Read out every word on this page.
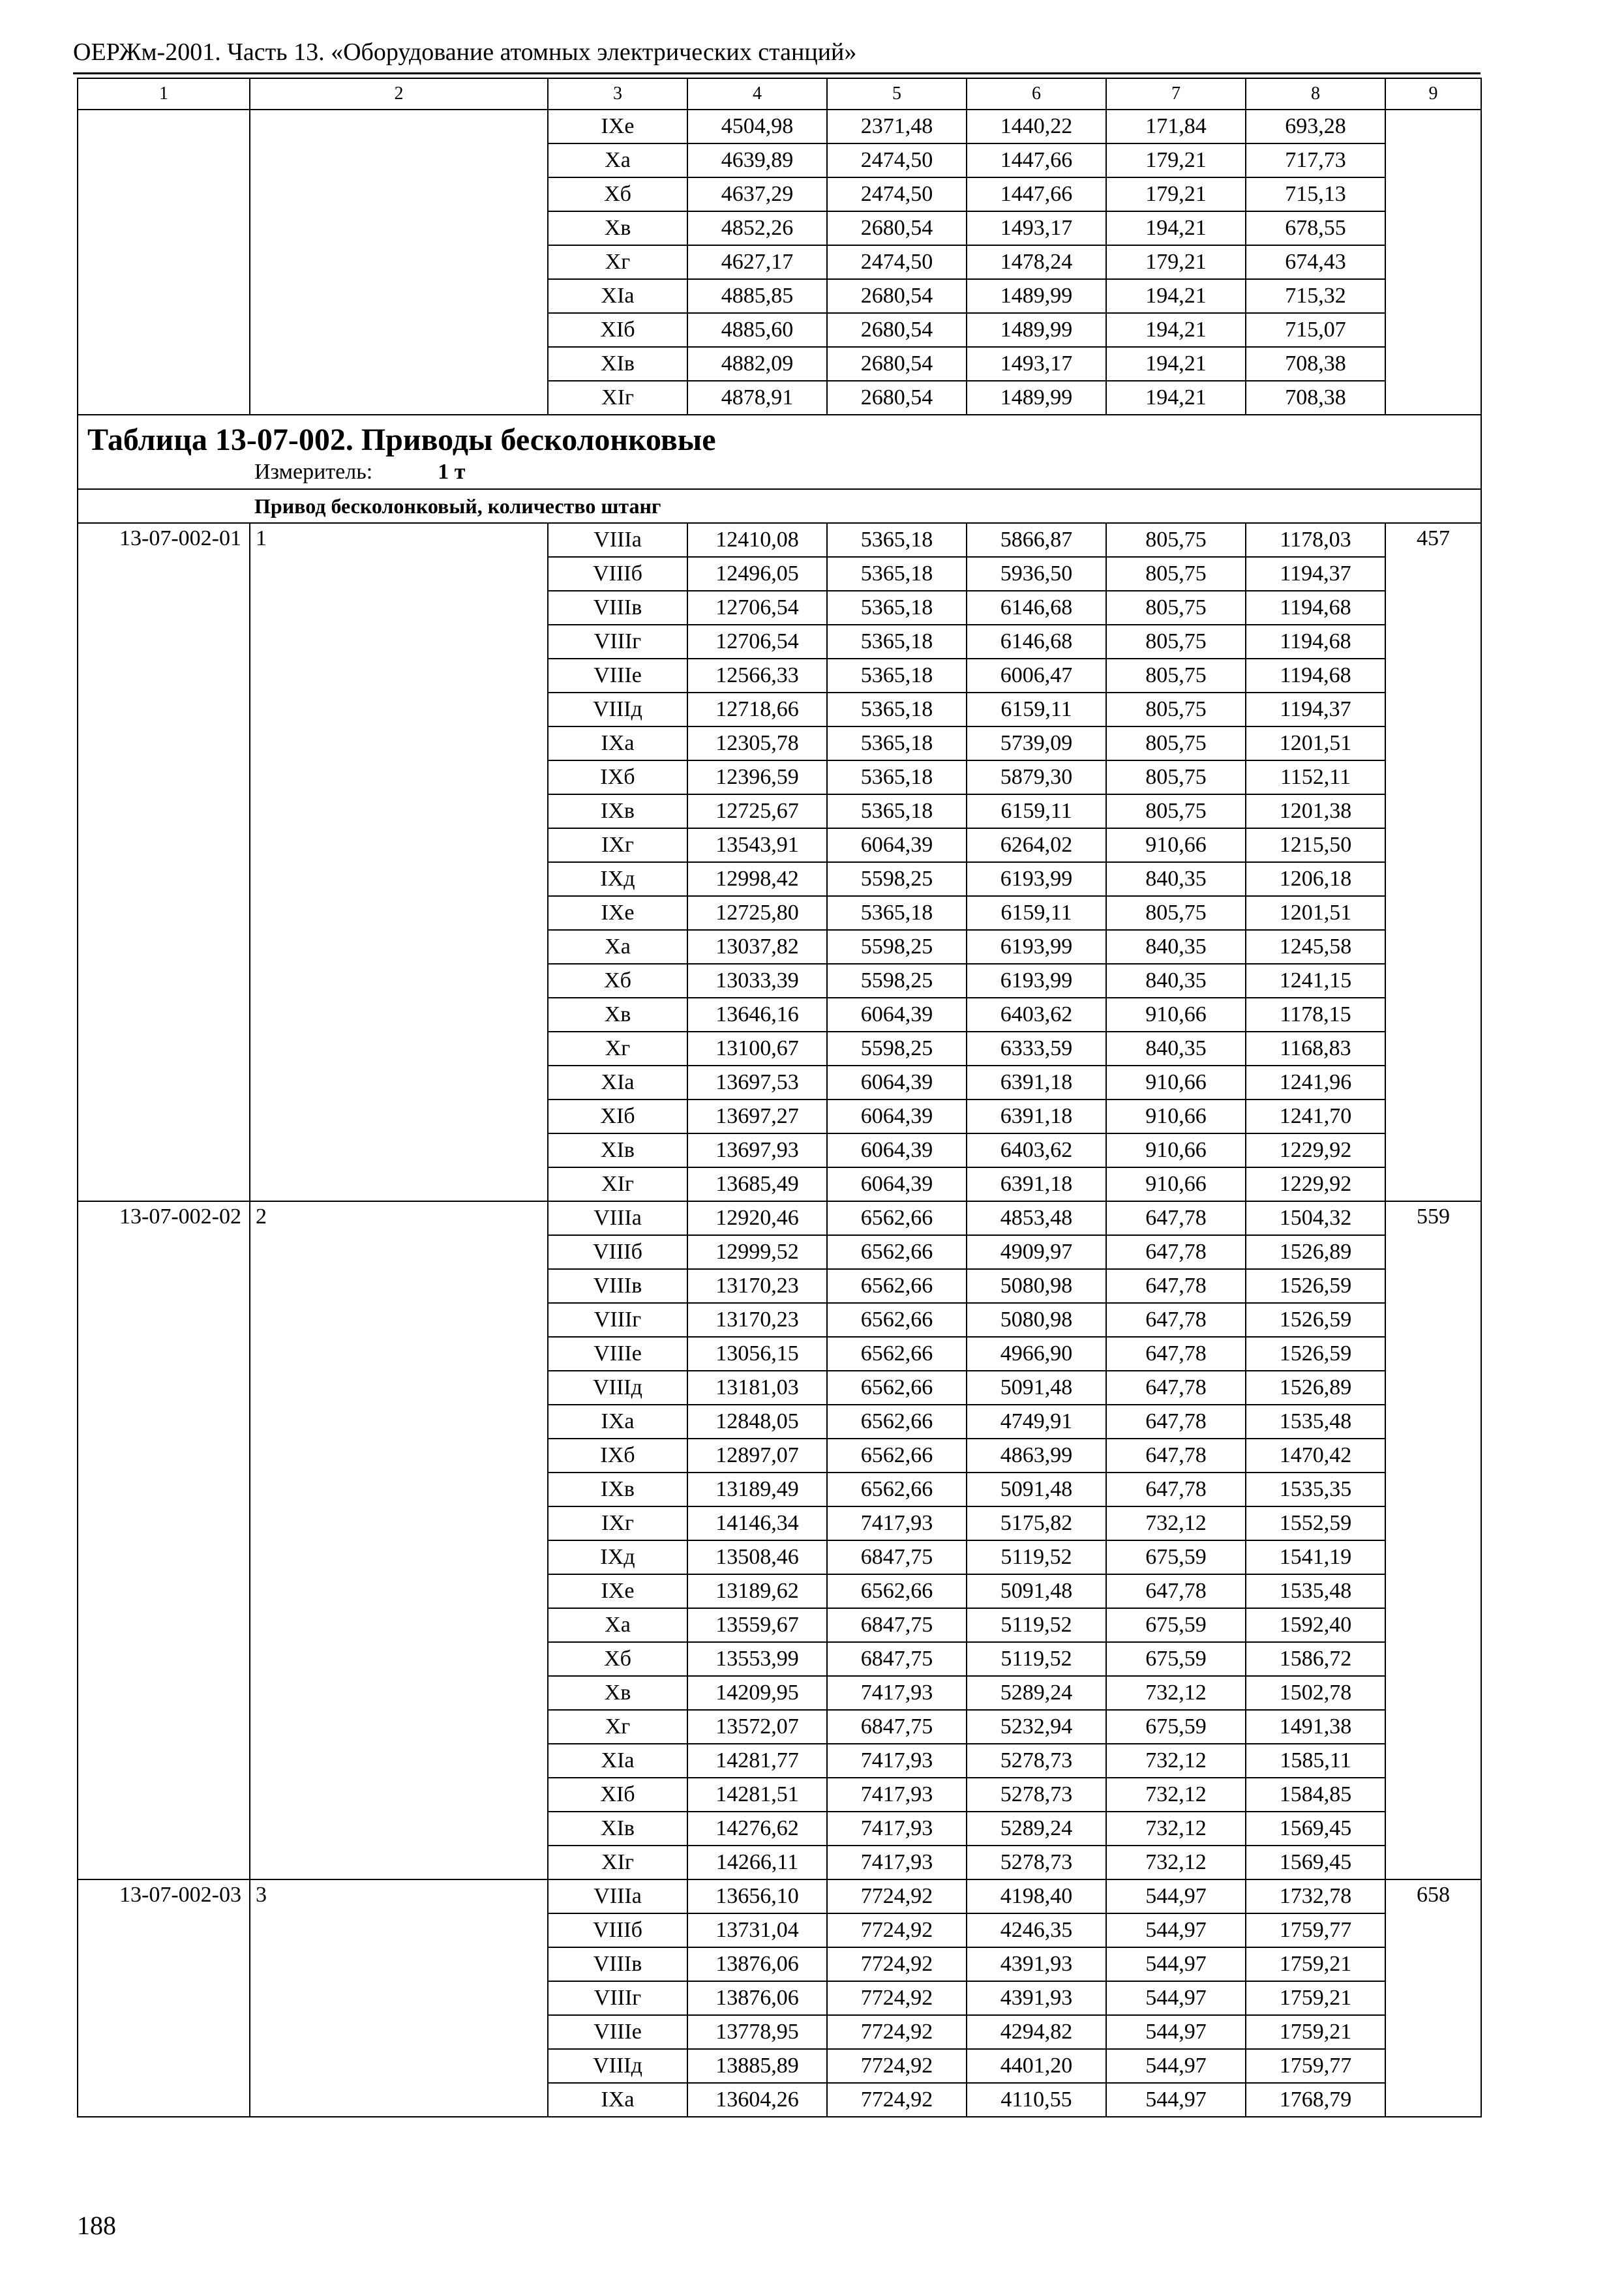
ОЕРЖм-2001. Часть 13. «Оборудование атомных электрических станций»
1	2	3	4	5	6	7	8	9
		IXе	4504,98	2371,48	1440,22	171,84	693,28	
		Xа	4639,89	2474,50	1447,66	179,21	717,73	
		Xб	4637,29	2474,50	1447,66	179,21	715,13	
		Xв	4852,26	2680,54	1493,17	194,21	678,55	
		Xг	4627,17	2474,50	1478,24	179,21	674,43	
		XIа	4885,85	2680,54	1489,99	194,21	715,32	
		XIб	4885,60	2680,54	1489,99	194,21	715,07	
		XIв	4882,09	2680,54	1493,17	194,21	708,38	
		XIг	4878,91	2680,54	1489,99	194,21	708,38	
Таблица 13-07-002. Приводы бесколонковые								
Измеритель: 1 т								
Привод бесколонковый, количество штанг								
13-07-002-01	1	VIIIа	12410,08	5365,18	5866,87	805,75	1178,03	457
		VIIIб	12496,05	5365,18	5936,50	805,75	1194,37	
		VIIIв	12706,54	5365,18	6146,68	805,75	1194,68	
		VIIIг	12706,54	5365,18	6146,68	805,75	1194,68	
		VIIIе	12566,33	5365,18	6006,47	805,75	1194,68	
		VIIIд	12718,66	5365,18	6159,11	805,75	1194,37	
		IXа	12305,78	5365,18	5739,09	805,75	1201,51	
		IXб	12396,59	5365,18	5879,30	805,75	1152,11	
		IXв	12725,67	5365,18	6159,11	805,75	1201,38	
		IXг	13543,91	6064,39	6264,02	910,66	1215,50	
		IXд	12998,42	5598,25	6193,99	840,35	1206,18	
		IXе	12725,80	5365,18	6159,11	805,75	1201,51	
		Xа	13037,82	5598,25	6193,99	840,35	1245,58	
		Xб	13033,39	5598,25	6193,99	840,35	1241,15	
		Xв	13646,16	6064,39	6403,62	910,66	1178,15	
		Xг	13100,67	5598,25	6333,59	840,35	1168,83	
		XIа	13697,53	6064,39	6391,18	910,66	1241,96	
		XIб	13697,27	6064,39	6391,18	910,66	1241,70	
		XIв	13697,93	6064,39	6403,62	910,66	1229,92	
		XIг	13685,49	6064,39	6391,18	910,66	1229,92	
13-07-002-02	2	VIIIа	12920,46	6562,66	4853,48	647,78	1504,32	559
		VIIIб	12999,52	6562,66	4909,97	647,78	1526,89	
		VIIIв	13170,23	6562,66	5080,98	647,78	1526,59	
		VIIIг	13170,23	6562,66	5080,98	647,78	1526,59	
		VIIIе	13056,15	6562,66	4966,90	647,78	1526,59	
		VIIIд	13181,03	6562,66	5091,48	647,78	1526,89	
		IXа	12848,05	6562,66	4749,91	647,78	1535,48	
		IXб	12897,07	6562,66	4863,99	647,78	1470,42	
		IXв	13189,49	6562,66	5091,48	647,78	1535,35	
		IXг	14146,34	7417,93	5175,82	732,12	1552,59	
		IXд	13508,46	6847,75	5119,52	675,59	1541,19	
		IXе	13189,62	6562,66	5091,48	647,78	1535,48	
		Xа	13559,67	6847,75	5119,52	675,59	1592,40	
		Xб	13553,99	6847,75	5119,52	675,59	1586,72	
		Xв	14209,95	7417,93	5289,24	732,12	1502,78	
		Xг	13572,07	6847,75	5232,94	675,59	1491,38	
		XIа	14281,77	7417,93	5278,73	732,12	1585,11	
		XIб	14281,51	7417,93	5278,73	732,12	1584,85	
		XIв	14276,62	7417,93	5289,24	732,12	1569,45	
		XIг	14266,11	7417,93	5278,73	732,12	1569,45	
13-07-002-03	3	VIIIа	13656,10	7724,92	4198,40	544,97	1732,78	658
		VIIIб	13731,04	7724,92	4246,35	544,97	1759,77	
		VIIIв	13876,06	7724,92	4391,93	544,97	1759,21	
		VIIIг	13876,06	7724,92	4391,93	544,97	1759,21	
		VIIIе	13778,95	7724,92	4294,82	544,97	1759,21	
		VIIIд	13885,89	7724,92	4401,20	544,97	1759,77	
		IXа	13604,26	7724,92	4110,55	544,97	1768,79	
188
